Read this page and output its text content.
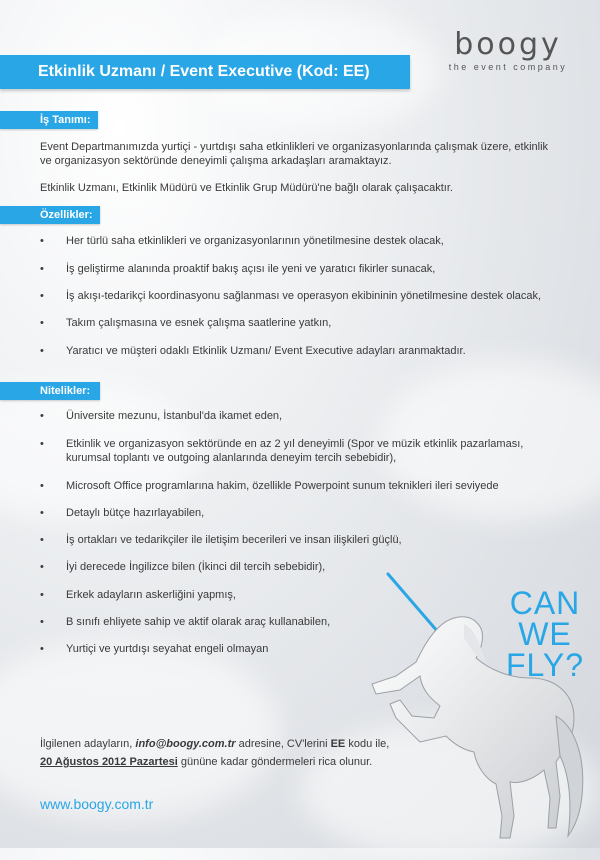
boogy
the event company
Etkinlik Uzmanı / Event Executive (Kod: EE)
İş Tanımı:
Event Departmanımızda yurtiçi - yurtdışı saha etkinlikleri ve organizasyonlarında çalışmak üzere, etkinlik ve organizasyon sektöründe deneyimli çalışma arkadaşları aramaktayız.
Etkinlik Uzmanı, Etkinlik Müdürü ve Etkinlik Grup Müdürü'ne bağlı olarak çalışacaktır.
Özellikler:
• Her türlü saha etkinlikleri ve organizasyonlarının yönetilmesine destek olacak,
• İş geliştirme alanında proaktif bakış açısı ile yeni ve yaratıcı fikirler sunacak,
• İş akışı-tedarikçi koordinasyonu sağlanması ve operasyon ekibininin yönetilmesine destek olacak,
• Takım çalışmasına ve esnek çalışma saatlerine yatkın,
• Yaratıcı ve müşteri odaklı Etkinlik Uzmanı/ Event Executive adayları aranmaktadır.
Nitelikler:
• Üniversite mezunu, İstanbul'da ikamet eden,
• Etkinlik ve organizasyon sektöründe en az 2 yıl deneyimli (Spor ve müzik etkinlik pazarlaması, kurumsal toplantı ve outgoing alanlarında deneyim tercih sebebidir),
• Microsoft Office programlarına hakim, özellikle Powerpoint sunum teknikleri ileri seviyede
• Detaylı bütçe hazırlayabilen,
• İş ortakları ve tedarikçiler ile iletişim becerileri ve insan ilişkileri güçlü,
• İyi derecede İngilizce bilen (İkinci dil tercih sebebidir),
• Erkek adayların askerliğini yapmış,
• B sınıfı ehliyete sahip ve aktif olarak araç kullanabilen,
• Yurtiçi ve yurtdışı seyahat engeli olmayan
CAN
WE
FLY?
İlgilenen adayların, info@boogy.com.tr adresine, CV'lerini EE kodu ile,
20 Ağustos 2012 Pazartesi gününe kadar göndermeleri rica olunur.
www.boogy.com.tr
